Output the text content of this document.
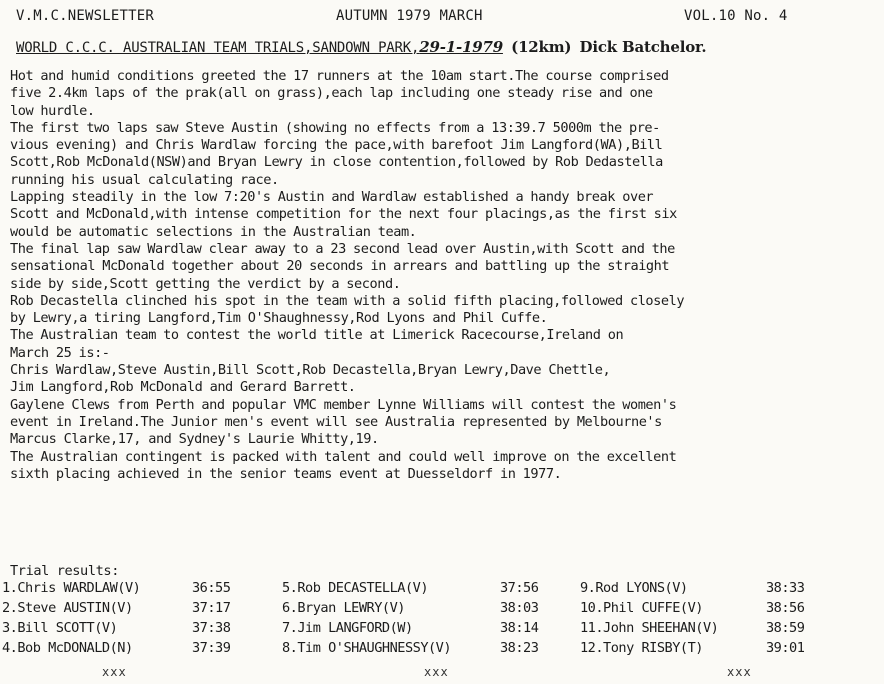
V.M.C.NEWSLETTER	AUTUMN 1979 MARCH	VOL.10 No. 4
WORLD C.C.C. AUSTRALIAN TEAM TRIALS,SANDOWN PARK,29-1-1979 (12km) Dick Batchelor.
Hot and humid conditions greeted the 17 runners at the 10am start.The course comprised
five 2.4km laps of the prak(all on grass),each lap including one steady rise and one
low hurdle.
The first two laps saw Steve Austin (showing no effects from a 13:39.7 5000m the pre-
vious evening) and Chris Wardlaw forcing the pace,with barefoot Jim Langford(WA),Bill
Scott,Rob McDonald(NSW)and Bryan Lewry in close contention,followed by Rob Dedastella
running his usual calculating race.
Lapping steadily in the low 7:20's Austin and Wardlaw established a handy break over
Scott and McDonald,with intense competition for the next four placings,as the first six
would be automatic selections in the Australian team.
The final lap saw Wardlaw clear away to a 23 second lead over Austin,with Scott and the
sensational McDonald together about 20 seconds in arrears and battling up the straight
side by side,Scott getting the verdict by a second.
Rob Decastella clinched his spot in the team with a solid fifth placing,followed closely
by Lewry,a tiring Langford,Tim O'Shaughnessy,Rod Lyons and Phil Cuffe.
The Australian team to contest the world title at Limerick Racecourse,Ireland on
March 25 is:-
Chris Wardlaw,Steve Austin,Bill Scott,Rob Decastella,Bryan Lewry,Dave Chettle,
Jim Langford,Rob McDonald and Gerard Barrett.
Gaylene Clews from Perth and popular VMC member Lynne Williams will contest the women's
event in Ireland.The Junior men's event will see Australia represented by Melbourne's
Marcus Clarke,17, and Sydney's Laurie Whitty,19.
The Australian contingent is packed with talent and could well improve on the excellent
sixth placing achieved in the senior teams event at Duesseldorf in 1977.
Trial results:
1.Chris WARDLAW(V)	36:55	5.Rob DECASTELLA(V)	37:56	9.Rod LYONS(V)	38:33
2.Steve AUSTIN(V)	37:17	6.Bryan LEWRY(V)	38:03	10.Phil CUFFE(V)	38:56
3.Bill SCOTT(V)	37:38	7.Jim LANGFORD(W)	38:14	11.John SHEEHAN(V)	38:59
4.Bob McDONALD(N)	37:39	8.Tim O'SHAUGHNESSY(V)	38:23	12.Tony RISBY(T)	39:01
xxx	xxx	xxx
